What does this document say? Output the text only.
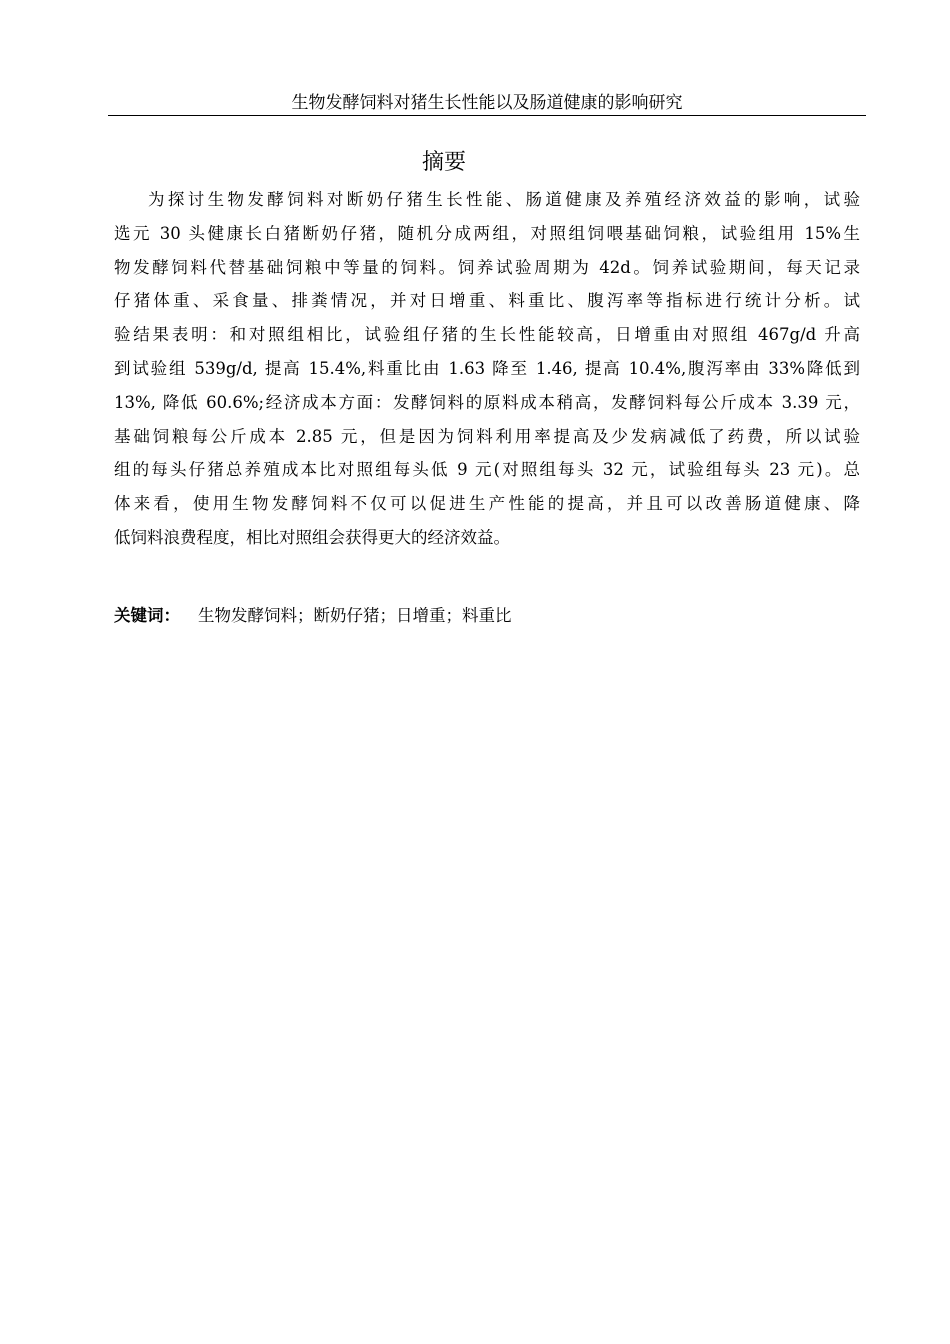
生物发酵饲料对猪生长性能以及肠道健康的影响研究
摘要
为探讨生物发酵饲料对断奶仔猪生长性能、肠道健康及养殖经济效益的影响，试验
选元 30 头健康长白猪断奶仔猪，随机分成两组，对照组饲喂基础饲粮，试验组用 15%生
物发酵饲料代替基础饲粮中等量的饲料。饲养试验周期为 42d。饲养试验期间，每天记录
仔猪体重、采食量、排粪情况，并对日增重、料重比、腹泻率等指标进行统计分析。试
验结果表明：和对照组相比，试验组仔猪的生长性能较高，日增重由对照组 467g/d 升高
到试验组 539g/d, 提高 15.4%,料重比由 1.63 降至 1.46, 提高 10.4%,腹泻率由 33%降低到
13%, 降低 60.6%;经济成本方面：发酵饲料的原料成本稍高，发酵饲料每公斤成本 3.39 元，
基础饲粮每公斤成本 2.85 元，但是因为饲料利用率提高及少发病减低了药费，所以试验
组的每头仔猪总养殖成本比对照组每头低 9 元(对照组每头 32 元，试验组每头 23 元)。总
体来看，使用生物发酵饲料不仅可以促进生产性能的提高，并且可以改善肠道健康、降
低饲料浪费程度，相比对照组会获得更大的经济效益。
关键词： 生物发酵饲料；断奶仔猪；日增重；料重比
